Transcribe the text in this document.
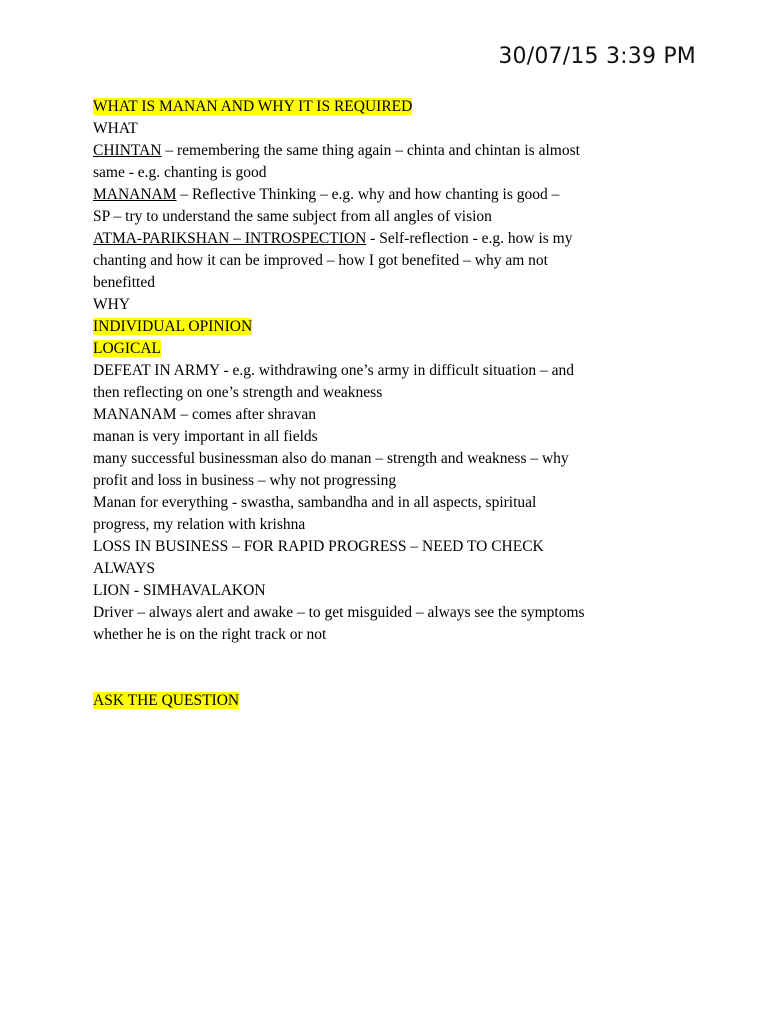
30/07/15 3:39 PM
WHAT IS MANAN AND WHY IT IS REQUIRED
WHAT
CHINTAN – remembering the same thing again – chinta and chintan is almost
same - e.g. chanting is good
MANANAM – Reflective Thinking – e.g. why and how chanting is good –
SP – try to understand the same subject from all angles of vision
ATMA-PARIKSHAN – INTROSPECTION - Self-reflection - e.g. how is my
chanting and how it can be improved – how I got benefited – why am not
benefitted
WHY
INDIVIDUAL OPINION
LOGICAL
DEFEAT IN ARMY - e.g. withdrawing one’s army in difficult situation – and
then reflecting on one’s strength and weakness
MANANAM – comes after shravan
manan is very important in all fields
many successful businessman also do manan – strength and weakness – why
profit and loss in business – why not progressing
Manan for everything - swastha, sambandha and in all aspects, spiritual
progress, my relation with krishna
LOSS IN BUSINESS – FOR RAPID PROGRESS – NEED TO CHECK
ALWAYS
LION - SIMHAVALAKON
Driver – always alert and awake – to get misguided – always see the symptoms
whether he is on the right track or not
ASK THE QUESTION
